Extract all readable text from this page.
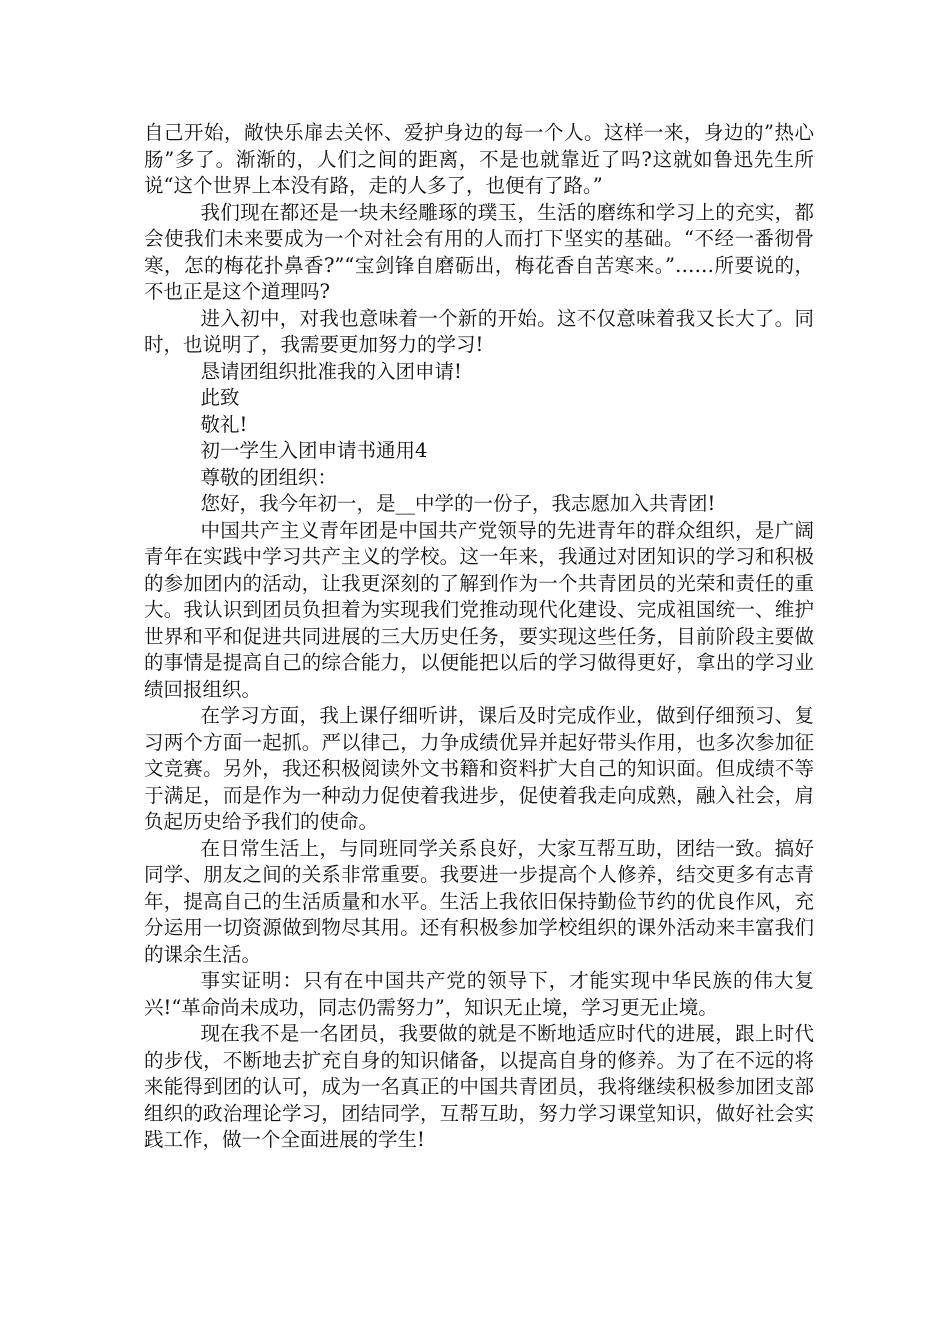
自己开始，敞快乐扉去关怀、爱护身边的每一个人。这样一来，身边的”热心肠”多了。渐渐的，人们之间的距离，不是也就靠近了吗?这就如鲁迅先生所说“这个世界上本没有路，走的人多了，也便有了路。”

我们现在都还是一块未经雕琢的璞玉，生活的磨练和学习上的充实，都会使我们未来要成为一个对社会有用的人而打下坚实的基础。“不经一番彻骨寒，怎的梅花扑鼻香?”“宝剑锋自磨砺出，梅花香自苦寒来。”……所要说的，不也正是这个道理吗?

进入初中，对我也意味着一个新的开始。这不仅意味着我又长大了。同时，也说明了，我需要更加努力的学习!

恳请团组织批准我的入团申请!

此致

敬礼!

初一学生入团申请书通用4

尊敬的团组织：

您好，我今年初一，是__中学的一份子，我志愿加入共青团!

中国共产主义青年团是中国共产党领导的先进青年的群众组织，是广阔青年在实践中学习共产主义的学校。这一年来，我通过对团知识的学习和积极的参加团内的活动，让我更深刻的了解到作为一个共青团员的光荣和责任的重大。我认识到团员负担着为实现我们党推动现代化建设、完成祖国统一、维护世界和平和促进共同进展的三大历史任务，要实现这些任务，目前阶段主要做的事情是提高自己的综合能力，以便能把以后的学习做得更好，拿出的学习业绩回报组织。

在学习方面，我上课仔细听讲，课后及时完成作业，做到仔细预习、复习两个方面一起抓。严以律己，力争成绩优异并起好带头作用，也多次参加征文竞赛。另外，我还积极阅读外文书籍和资料扩大自己的知识面。但成绩不等于满足，而是作为一种动力促使着我进步，促使着我走向成熟，融入社会，肩负起历史给予我们的使命。

在日常生活上，与同班同学关系良好，大家互帮互助，团结一致。搞好同学、朋友之间的关系非常重要。我要进一步提高个人修养，结交更多有志青年，提高自己的生活质量和水平。生活上我依旧保持勤俭节约的优良作风，充分运用一切资源做到物尽其用。还有积极参加学校组织的课外活动来丰富我们的课余生活。

事实证明：只有在中国共产党的领导下，才能实现中华民族的伟大复兴!“革命尚未成功，同志仍需努力”，知识无止境，学习更无止境。

现在我不是一名团员，我要做的就是不断地适应时代的进展，跟上时代的步伐，不断地去扩充自身的知识储备，以提高自身的修养。为了在不远的将来能得到团的认可，成为一名真正的中国共青团员，我将继续积极参加团支部组织的政治理论学习，团结同学，互帮互助，努力学习课堂知识，做好社会实践工作，做一个全面进展的学生!
